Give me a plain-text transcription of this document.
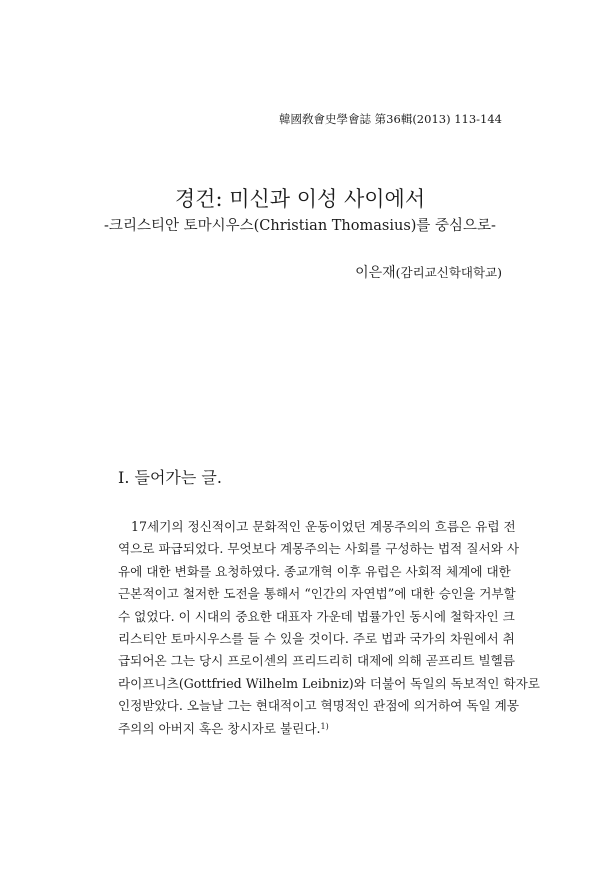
韓國敎會史學會誌 第36輯(2013) 113-144
경건: 미신과 이성 사이에서
-크리스티안 토마시우스(Christian Thomasius)를 중심으로-
이은재(감리교신학대학교)
I. 들어가는 글.
17세기의 정신적이고 문화적인 운동이었던 계몽주의의 흐름은 유럽 전
역으로 파급되었다. 무엇보다 계몽주의는 사회를 구성하는 법적 질서와 사
유에 대한 변화를 요청하였다. 종교개혁 이후 유럽은 사회적 체계에 대한
근본적이고 철저한 도전을 통해서 “인간의 자연법”에 대한 승인을 거부할
수 없었다. 이 시대의 중요한 대표자 가운데 법률가인 동시에 철학자인 크
리스티안 토마시우스를 들 수 있을 것이다. 주로 법과 국가의 차원에서 취
급되어온 그는 당시 프로이센의 프리드리히 대제에 의해 곧프리트 빌헬름
라이프니츠(Gottfried Wilhelm Leibniz)와 더불어 독일의 독보적인 학자로
인정받았다. 오늘날 그는 현대적이고 혁명적인 관점에 의거하여 독일 계몽
주의의 아버지 혹은 창시자로 불린다.$^{1)}$
